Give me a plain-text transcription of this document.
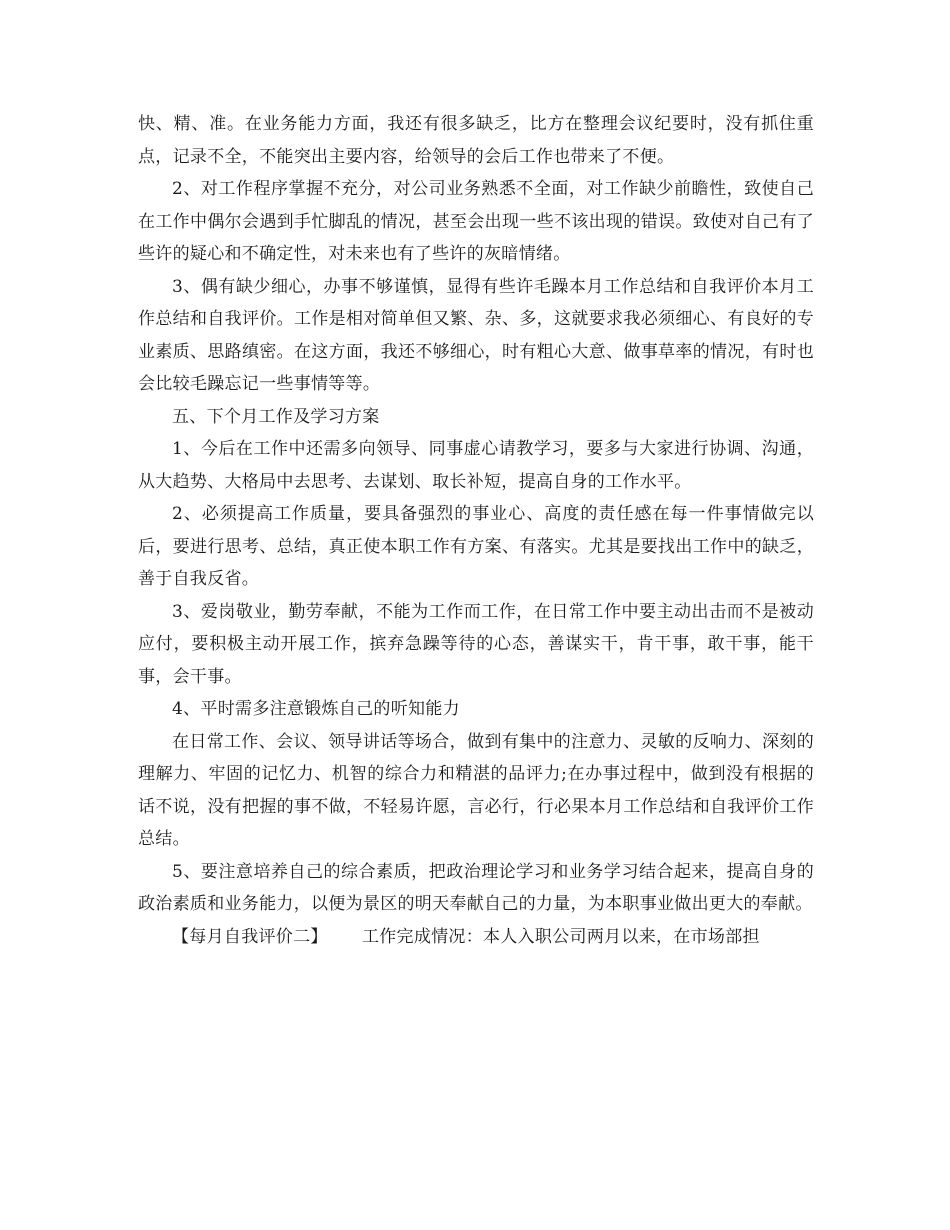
快、精、准。在业务能力方面，我还有很多缺乏，比方在整理会议纪要时，没有抓住重点，记录不全，不能突出主要内容，给领导的会后工作也带来了不便。

2、对工作程序掌握不充分，对公司业务熟悉不全面，对工作缺少前瞻性，致使自己在工作中偶尔会遇到手忙脚乱的情况，甚至会出现一些不该出现的错误。致使对自己有了些许的疑心和不确定性，对未来也有了些许的灰暗情绪。

3、偶有缺少细心，办事不够谨慎，显得有些许毛躁本月工作总结和自我评价本月工作总结和自我评价。工作是相对简单但又繁、杂、多，这就要求我必须细心、有良好的专业素质、思路缜密。在这方面，我还不够细心，时有粗心大意、做事草率的情况，有时也会比较毛躁忘记一些事情等等。

五、下个月工作及学习方案

1、今后在工作中还需多向领导、同事虚心请教学习，要多与大家进行协调、沟通，从大趋势、大格局中去思考、去谋划、取长补短，提高自身的工作水平。

2、必须提高工作质量，要具备强烈的事业心、高度的责任感在每一件事情做完以后，要进行思考、总结，真正使本职工作有方案、有落实。尤其是要找出工作中的缺乏，善于自我反省。

3、爱岗敬业，勤劳奉献，不能为工作而工作，在日常工作中要主动出击而不是被动应付，要积极主动开展工作，摈弃急躁等待的心态，善谋实干，肯干事，敢干事，能干事，会干事。

4、平时需多注意锻炼自己的听知能力

在日常工作、会议、领导讲话等场合，做到有集中的注意力、灵敏的反响力、深刻的理解力、牢固的记忆力、机智的综合力和精湛的品评力;在办事过程中，做到没有根据的话不说，没有把握的事不做，不轻易许愿，言必行，行必果本月工作总结和自我评价工作总结。

5、要注意培养自己的综合素质，把政治理论学习和业务学习结合起来，提高自身的政治素质和业务能力，以便为景区的明天奉献自己的力量，为本职事业做出更大的奉献。

【每月自我评价二】 工作完成情况：本人入职公司两月以来，在市场部担
